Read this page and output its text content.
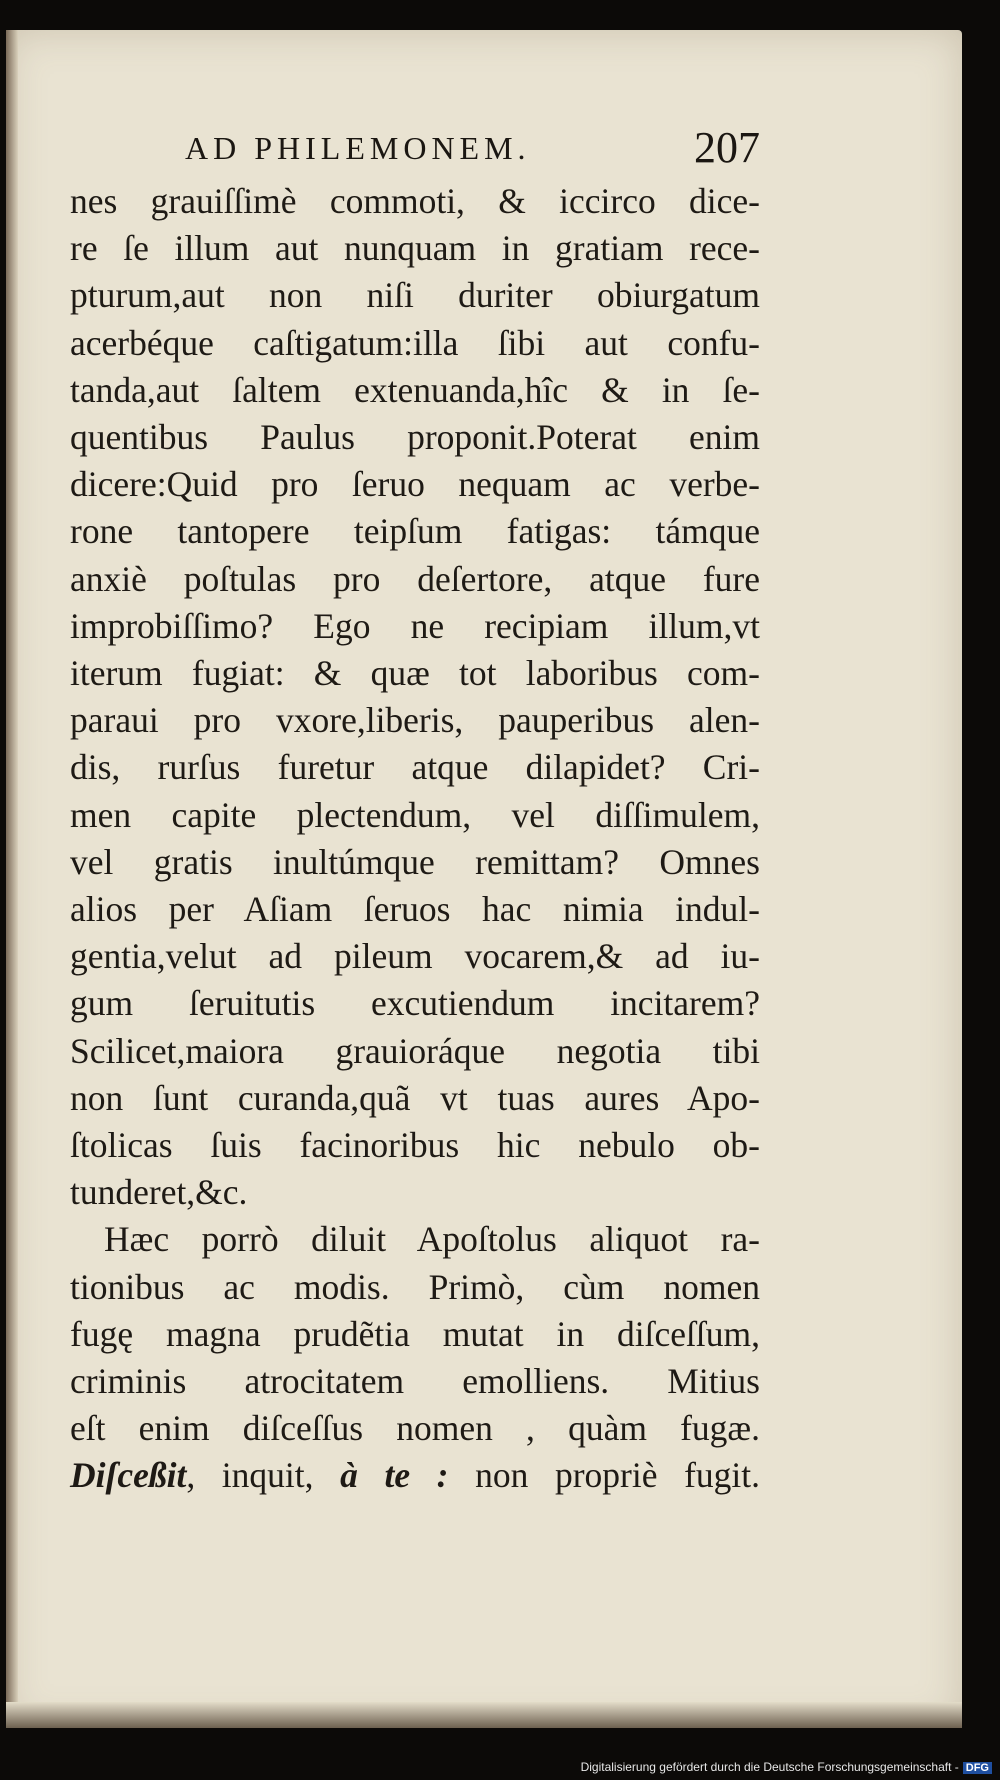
AD PHILEMONEM.	207
nes grauiſſimè commoti, & iccirco dice-
re ſe illum aut nunquam in gratiam rece-
pturum,aut non niſi duriter obiurgatum
acerbéque caſtigatum:illa ſibi aut confu-
tanda,aut ſaltem extenuanda,hîc & in ſe-
quentibus Paulus proponit.Poterat enim
dicere:Quid pro ſeruo nequam ac verbe-
rone tantopere teipſum fatigas: támque
anxiè poſtulas pro deſertore, atque fure
improbiſſimo? Ego ne recipiam illum,vt
iterum fugiat: & quæ tot laboribus com-
paraui pro vxore,liberis, pauperibus alen-
dis, rurſus furetur atque dilapidet? Cri-
men capite plectendum, vel diſſimulem,
vel gratis inultúmque remittam? Omnes
alios per Aſiam ſeruos hac nimia indul-
gentia,velut ad pileum vocarem,& ad iu-
gum ſeruitutis excutiendum incitarem?
Scilicet,maiora grauioráque negotia tibi
non ſunt curanda,quã vt tuas aures Apo-
ſtolicas ſuis facinoribus hic nebulo ob-
tunderet,&c.
Hæc porrò diluit Apoſtolus aliquot ra-
tionibus ac modis. Primò, cùm nomen
fugę magna prudẽtia mutat in diſceſſum,
criminis atrocitatem emolliens. Mitius
eſt enim diſceſſus nomen , quàm fugæ.
Diſceßit, inquit, à te : non propriè fugit.
Digitalisierung gefördert durch die Deutsche Forschungsgemeinschaft - DFG
